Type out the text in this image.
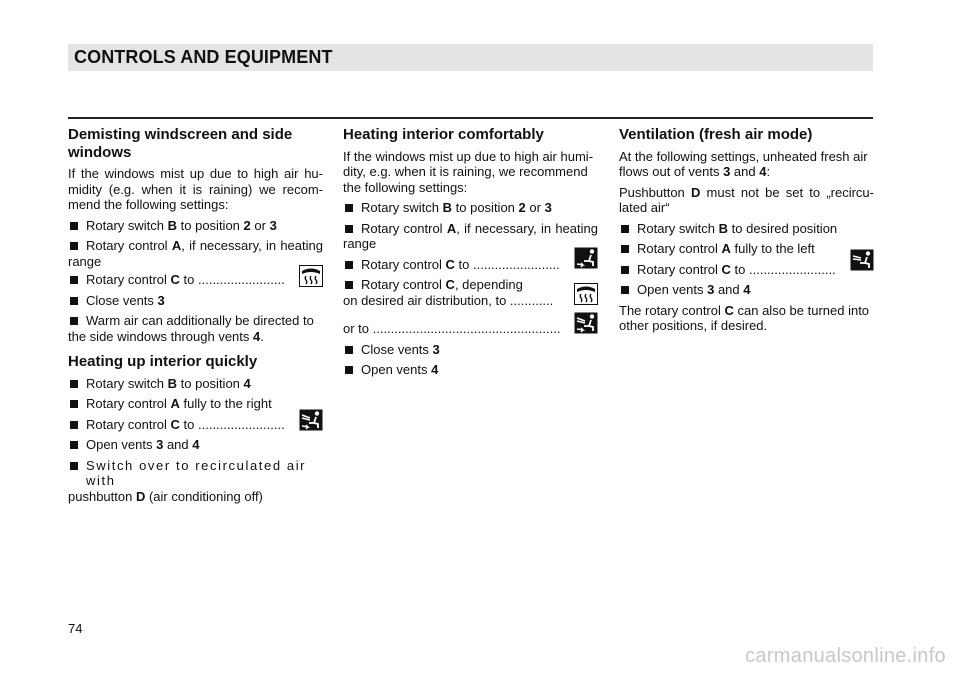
CONTROLS AND EQUIPMENT
Demisting windscreen and side windows

If the windows mist up due to high air humidity (e.g. when it is raining) we recommend the following settings:

Rotary switch B to position 2 or 3
Rotary control A, if necessary, in heating range
Rotary control C to ........................
Close vents 3
Warm air can additionally be directed to the side windows through vents 4.
Heating up interior quickly
Rotary switch B to position 4
Rotary control A fully to the right
Rotary control C to ........................
Open vents 3 and 4
Switch over to recirculated air with
pushbutton D (air conditioning off)
Heating interior comfortably

If the windows mist up due to high air humidity, e.g. when it is raining, we recommend the following settings:

Rotary switch B to position 2 or 3
Rotary control A, if necessary, in heating range
Rotary control C to ........................
Rotary control C, depending
on desired air distribution, to ............

or to ....................................................

Close vents 3
Open vents 4
Ventilation (fresh air mode)

At the following settings, unheated fresh air flows out of vents 3 and 4:

Pushbutton D must not be set to „recirculated air“

Rotary switch B to desired position
Rotary control A fully to the left
Rotary control C to ........................
Open vents 3 and 4

The rotary control C can also be turned into other positions, if desired.

74
carmanualsonline.info
